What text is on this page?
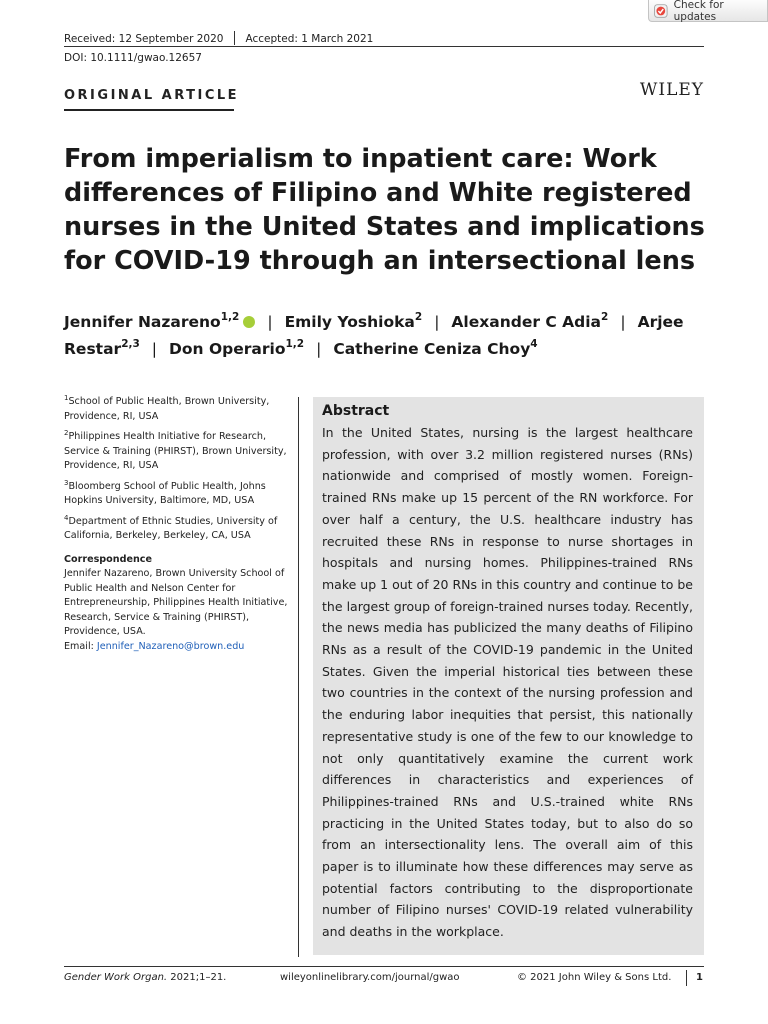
Check for updates
Received: 12 September 2020 Accepted: 1 March 2021
DOI: 10.1111/gwao.12657
ORIGINAL ARTICLE	WILEY
From imperialism to inpatient care: Work differences of Filipino and White registered nurses in the United States and implications for COVID-19 through an intersectional lens
Jennifer Nazareno$^{1,2}$ | Emily Yoshioka$^2$ | Alexander C Adia$^2$ | Arjee Restar$^{2,3}$ | Don Operario$^{1,2}$ | Catherine Ceniza Choy$^4$
$^1$School of Public Health, Brown University, Providence, RI, USA
$^2$Philippines Health Initiative for Research, Service & Training (PHIRST), Brown University, Providence, RI, USA
$^3$Bloomberg School of Public Health, Johns Hopkins University, Baltimore, MD, USA
$^4$Department of Ethnic Studies, University of California, Berkeley, Berkeley, CA, USA
Correspondence
Jennifer Nazareno, Brown University School of Public Health and Nelson Center for Entrepreneurship, Philippines Health Initiative, Research, Service & Training (PHIRST), Providence, USA.
Email: Jennifer_Nazareno@brown.edu
Abstract

In the United States, nursing is the largest healthcare profession, with over 3.2 million registered nurses (RNs) nationwide and comprised of mostly women. Foreign-trained RNs make up 15 percent of the RN workforce. For over half a century, the U.S. healthcare industry has recruited these RNs in response to nurse shortages in hospitals and nursing homes. Philippines-trained RNs make up 1 out of 20 RNs in this country and continue to be the largest group of foreign-trained nurses today. Recently, the news media has publicized the many deaths of Filipino RNs as a result of the COVID-19 pandemic in the United States. Given the imperial historical ties between these two countries in the context of the nursing profession and the enduring labor inequities that persist, this nationally representative study is one of the few to our knowledge to not only quantitatively examine the current work differences in characteristics and experiences of Philippines-trained RNs and U.S.-trained white RNs practicing in the United States today, but to also do so from an intersectionality lens. The overall aim of this paper is to illuminate how these differences may serve as potential factors contributing to the disproportionate number of Filipino nurses' COVID-19 related vulnerability and deaths in the workplace.

Gender Work Organ. 2021;1–21.	wileyonlinelibrary.com/journal/gwao	© 2021 John Wiley & Sons Ltd. 1
